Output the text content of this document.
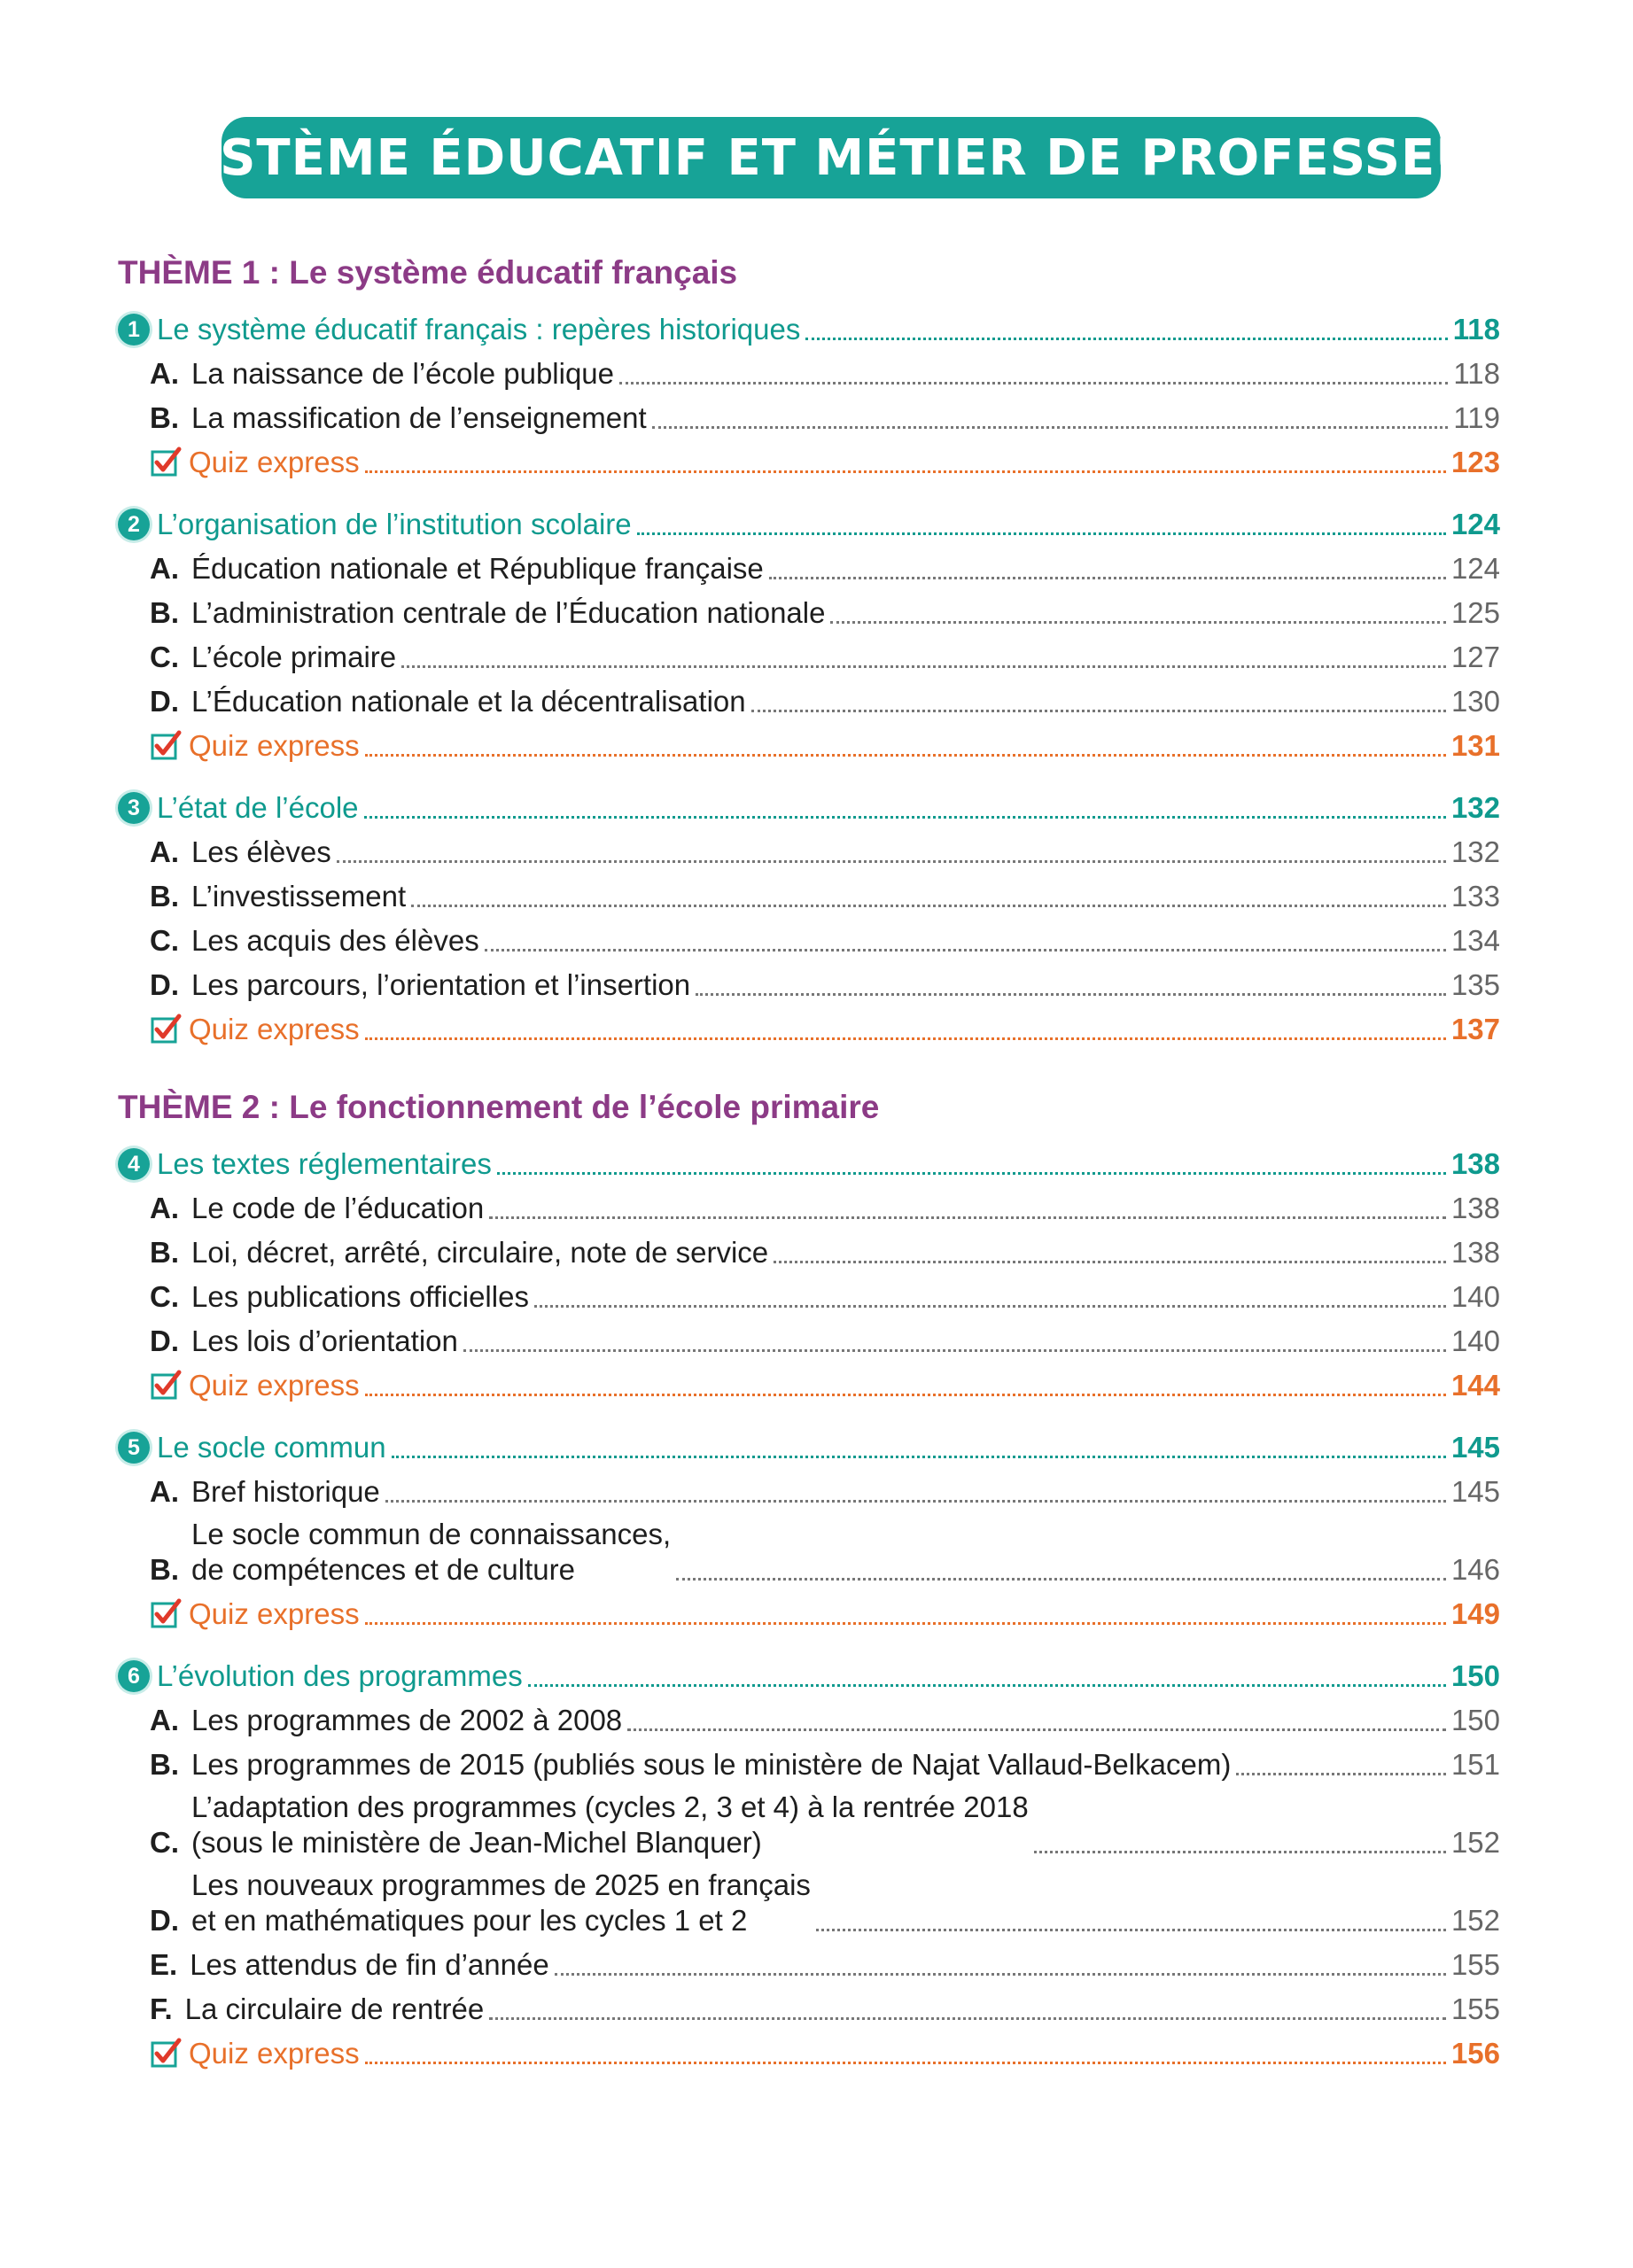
SYSTÈME ÉDUCATIF ET MÉTIER DE PROFESSEUR
THÈME 1 : Le système éducatif français
1 Le système éducatif français : repères historiques	118
A. La naissance de l’école publique	118
B. La massification de l’enseignement	119
Quiz express	123
2 L’organisation de l’institution scolaire	124
A. Éducation nationale et République française	124
B. L’administration centrale de l’Éducation nationale	125
C. L’école primaire	127
D. L’Éducation nationale et la décentralisation	130
Quiz express	131
3 L’état de l’école	132
A. Les élèves	132
B. L’investissement	133
C. Les acquis des élèves	134
D. Les parcours, l’orientation et l’insertion	135
Quiz express	137
THÈME 2 : Le fonctionnement de l’école primaire
4 Les textes réglementaires	138
A. Le code de l’éducation	138
B. Loi, décret, arrêté, circulaire, note de service	138
C. Les publications officielles	140
D. Les lois d’orientation	140
Quiz express	144
5 Le socle commun	145
A. Bref historique	145
B.
Le socle commun de connaissances,
de compétences et de culture	146
Quiz express	149
6 L’évolution des programmes	150
A. Les programmes de 2002 à 2008	150
B. Les programmes de 2015 (publiés sous le ministère de Najat Vallaud-Belkacem)	151
C.
L’adaptation des programmes (cycles 2, 3 et 4) à la rentrée 2018
(sous le ministère de Jean-Michel Blanquer)	152
D.
Les nouveaux programmes de 2025 en français
et en mathématiques pour les cycles 1 et 2	152
E. Les attendus de fin d’année	155
F. La circulaire de rentrée	155
Quiz express	156
